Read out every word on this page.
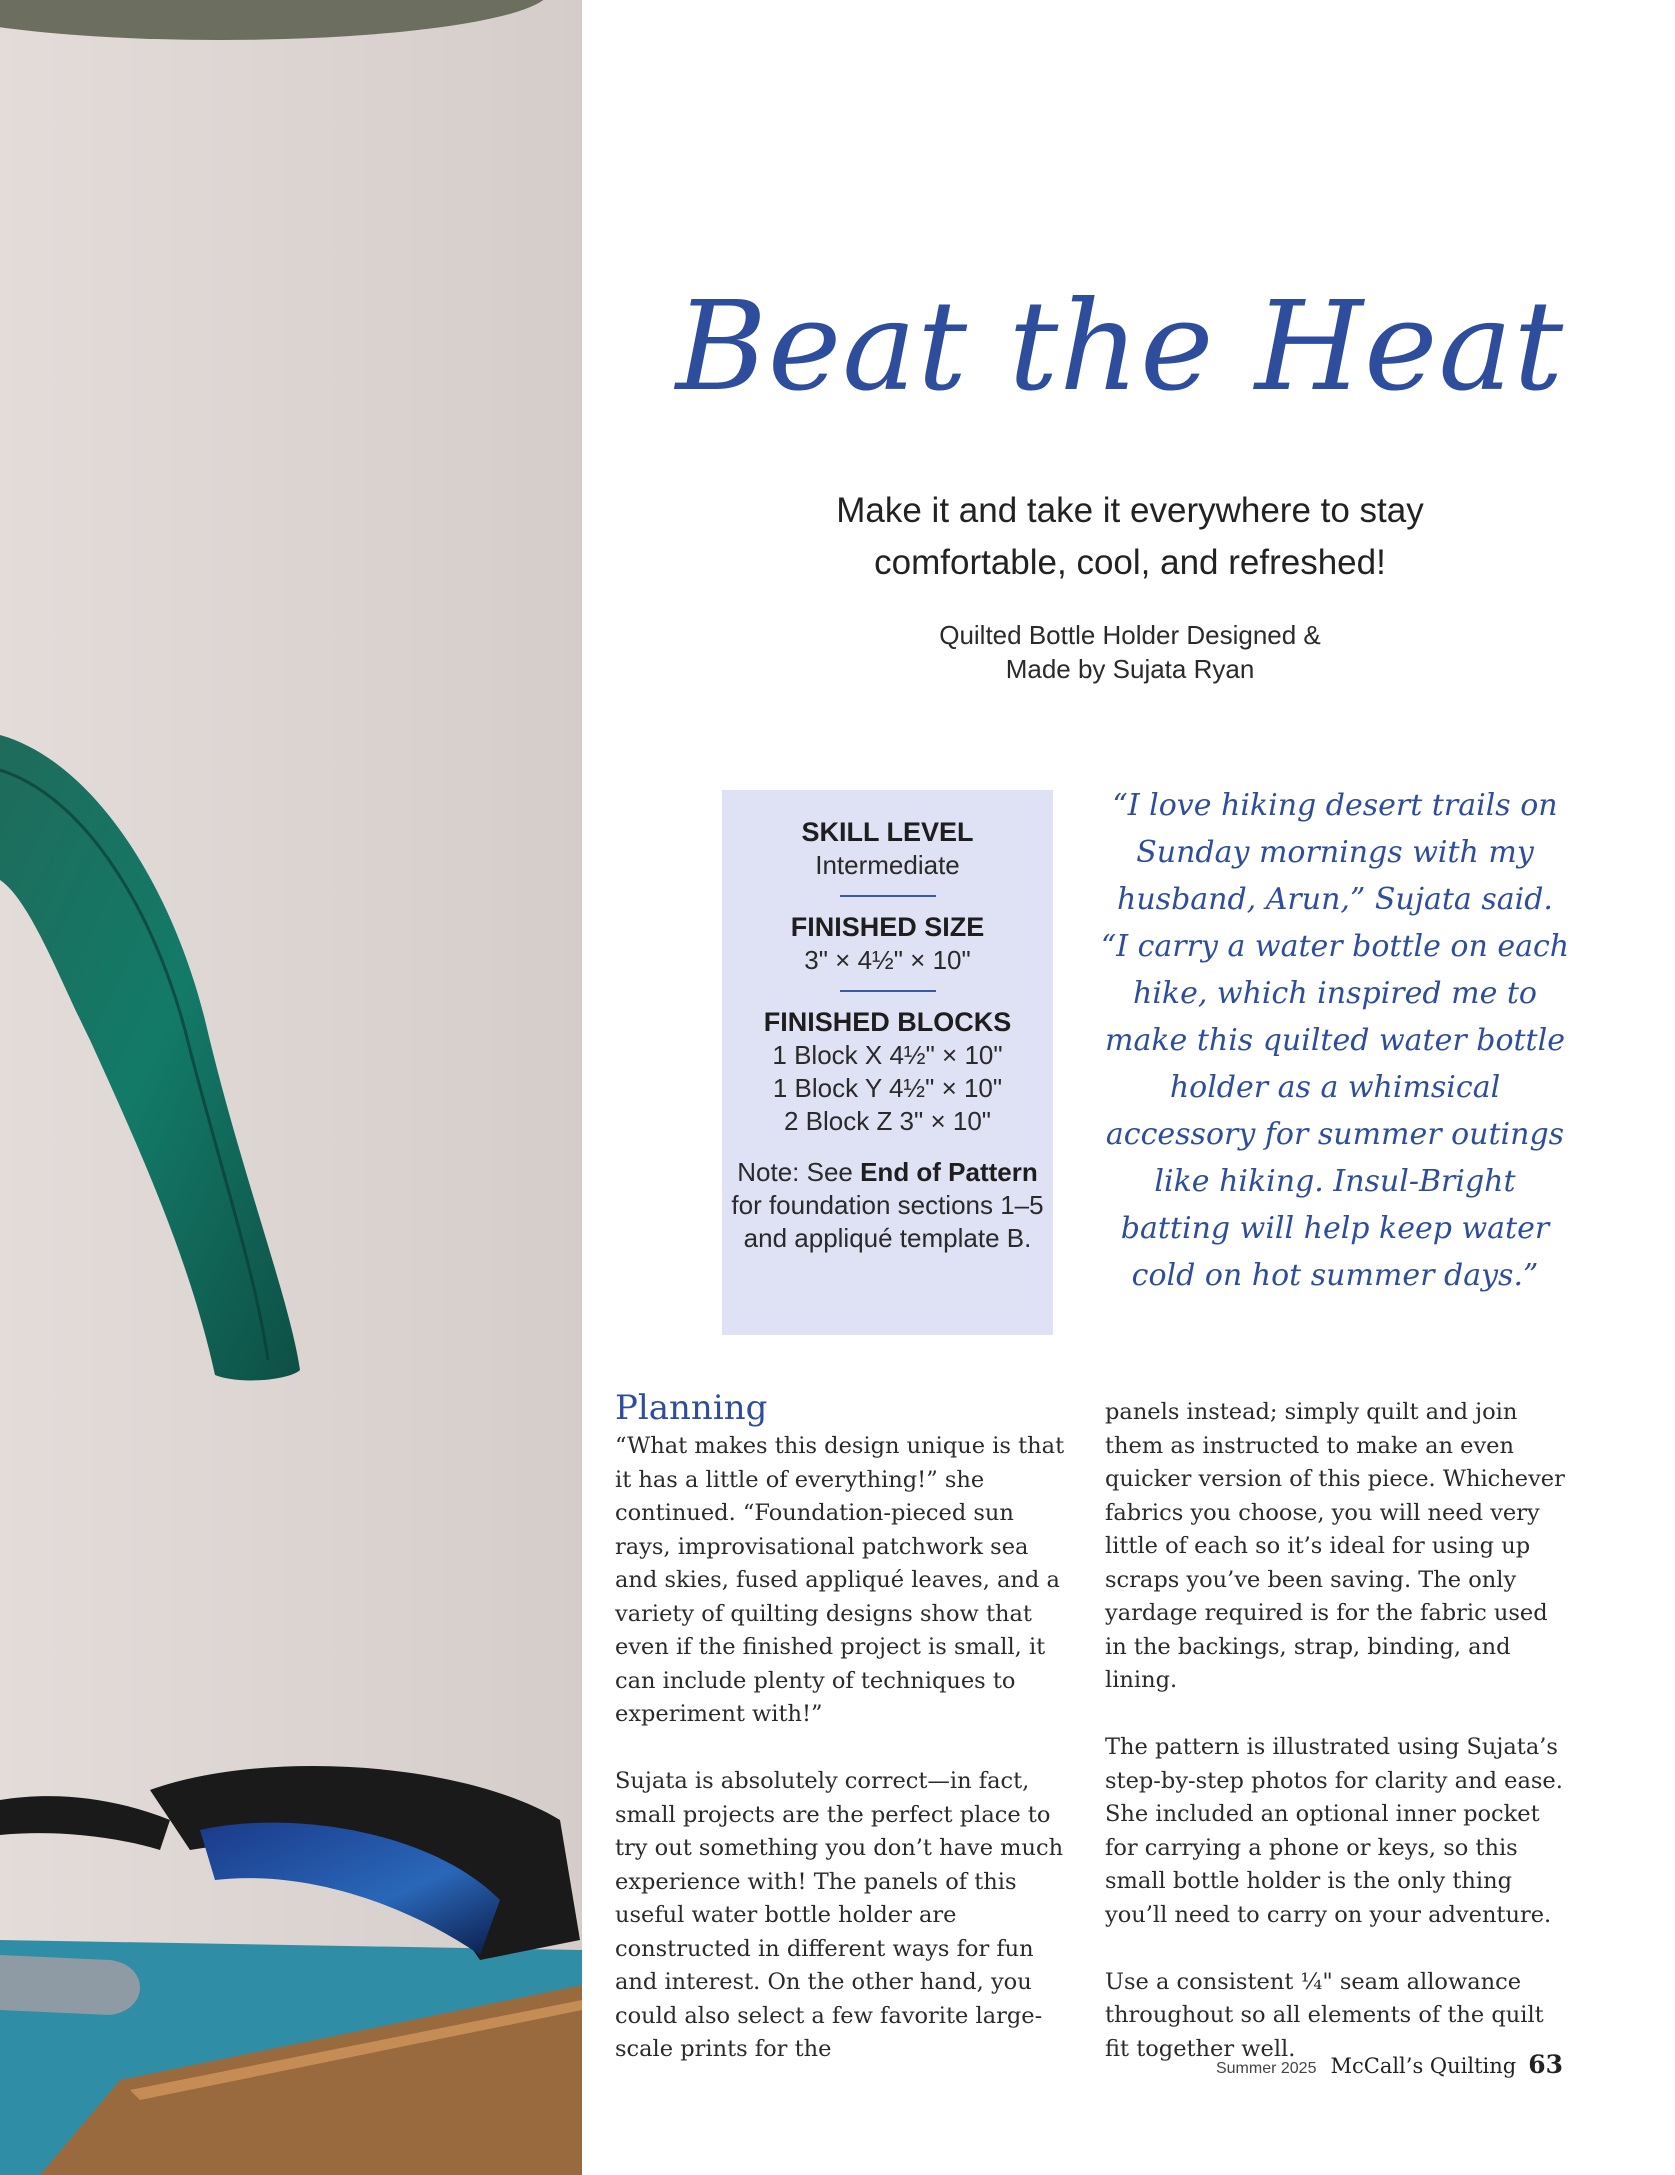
Beat the Heat
Make it and take it everywhere to stay
comfortable, cool, and refreshed!
Quilted Bottle Holder Designed &
Made by Sujata Ryan
SKILL LEVEL
Intermediate
FINISHED SIZE
3" × 4½" × 10"
FINISHED BLOCKS
1 Block X 4½" × 10"
1 Block Y 4½" × 10"
2 Block Z 3" × 10"
Note: See End of Pattern for foundation sections 1–5 and appliqué template B.
“I love hiking desert trails on Sunday mornings with my husband, Arun,” Sujata said. “I carry a water bottle on each hike, which inspired me to make this quilted water bottle holder as a whimsical accessory for summer outings like hiking. Insul-Bright batting will help keep water cold on hot summer days.”
Planning

“What makes this design unique is that it has a little of everything!” she continued. “Foundation-pieced sun rays, improvisational patchwork sea and skies, fused appliqué leaves, and a variety of quilting designs show that even if the finished project is small, it can include plenty of techniques to experiment with!”

Sujata is absolutely correct—in fact, small projects are the perfect place to try out something you don’t have much experience with! The panels of this useful water bottle holder are constructed in different ways for fun and interest. On the other hand, you could also select a few favorite large-scale prints for the

panels instead; simply quilt and join them as instructed to make an even quicker version of this piece. Whichever fabrics you choose, you will need very little of each so it’s ideal for using up scraps you’ve been saving. The only yardage required is for the fabric used in the backings, strap, binding, and lining.

The pattern is illustrated using Sujata’s step-by-step photos for clarity and ease. She included an optional inner pocket for carrying a phone or keys, so this small bottle holder is the only thing you’ll need to carry on your adventure.

Use a consistent ¼" seam allowance throughout so all elements of the quilt fit together well.

Summer 2025 McCall’s Quilting 63
